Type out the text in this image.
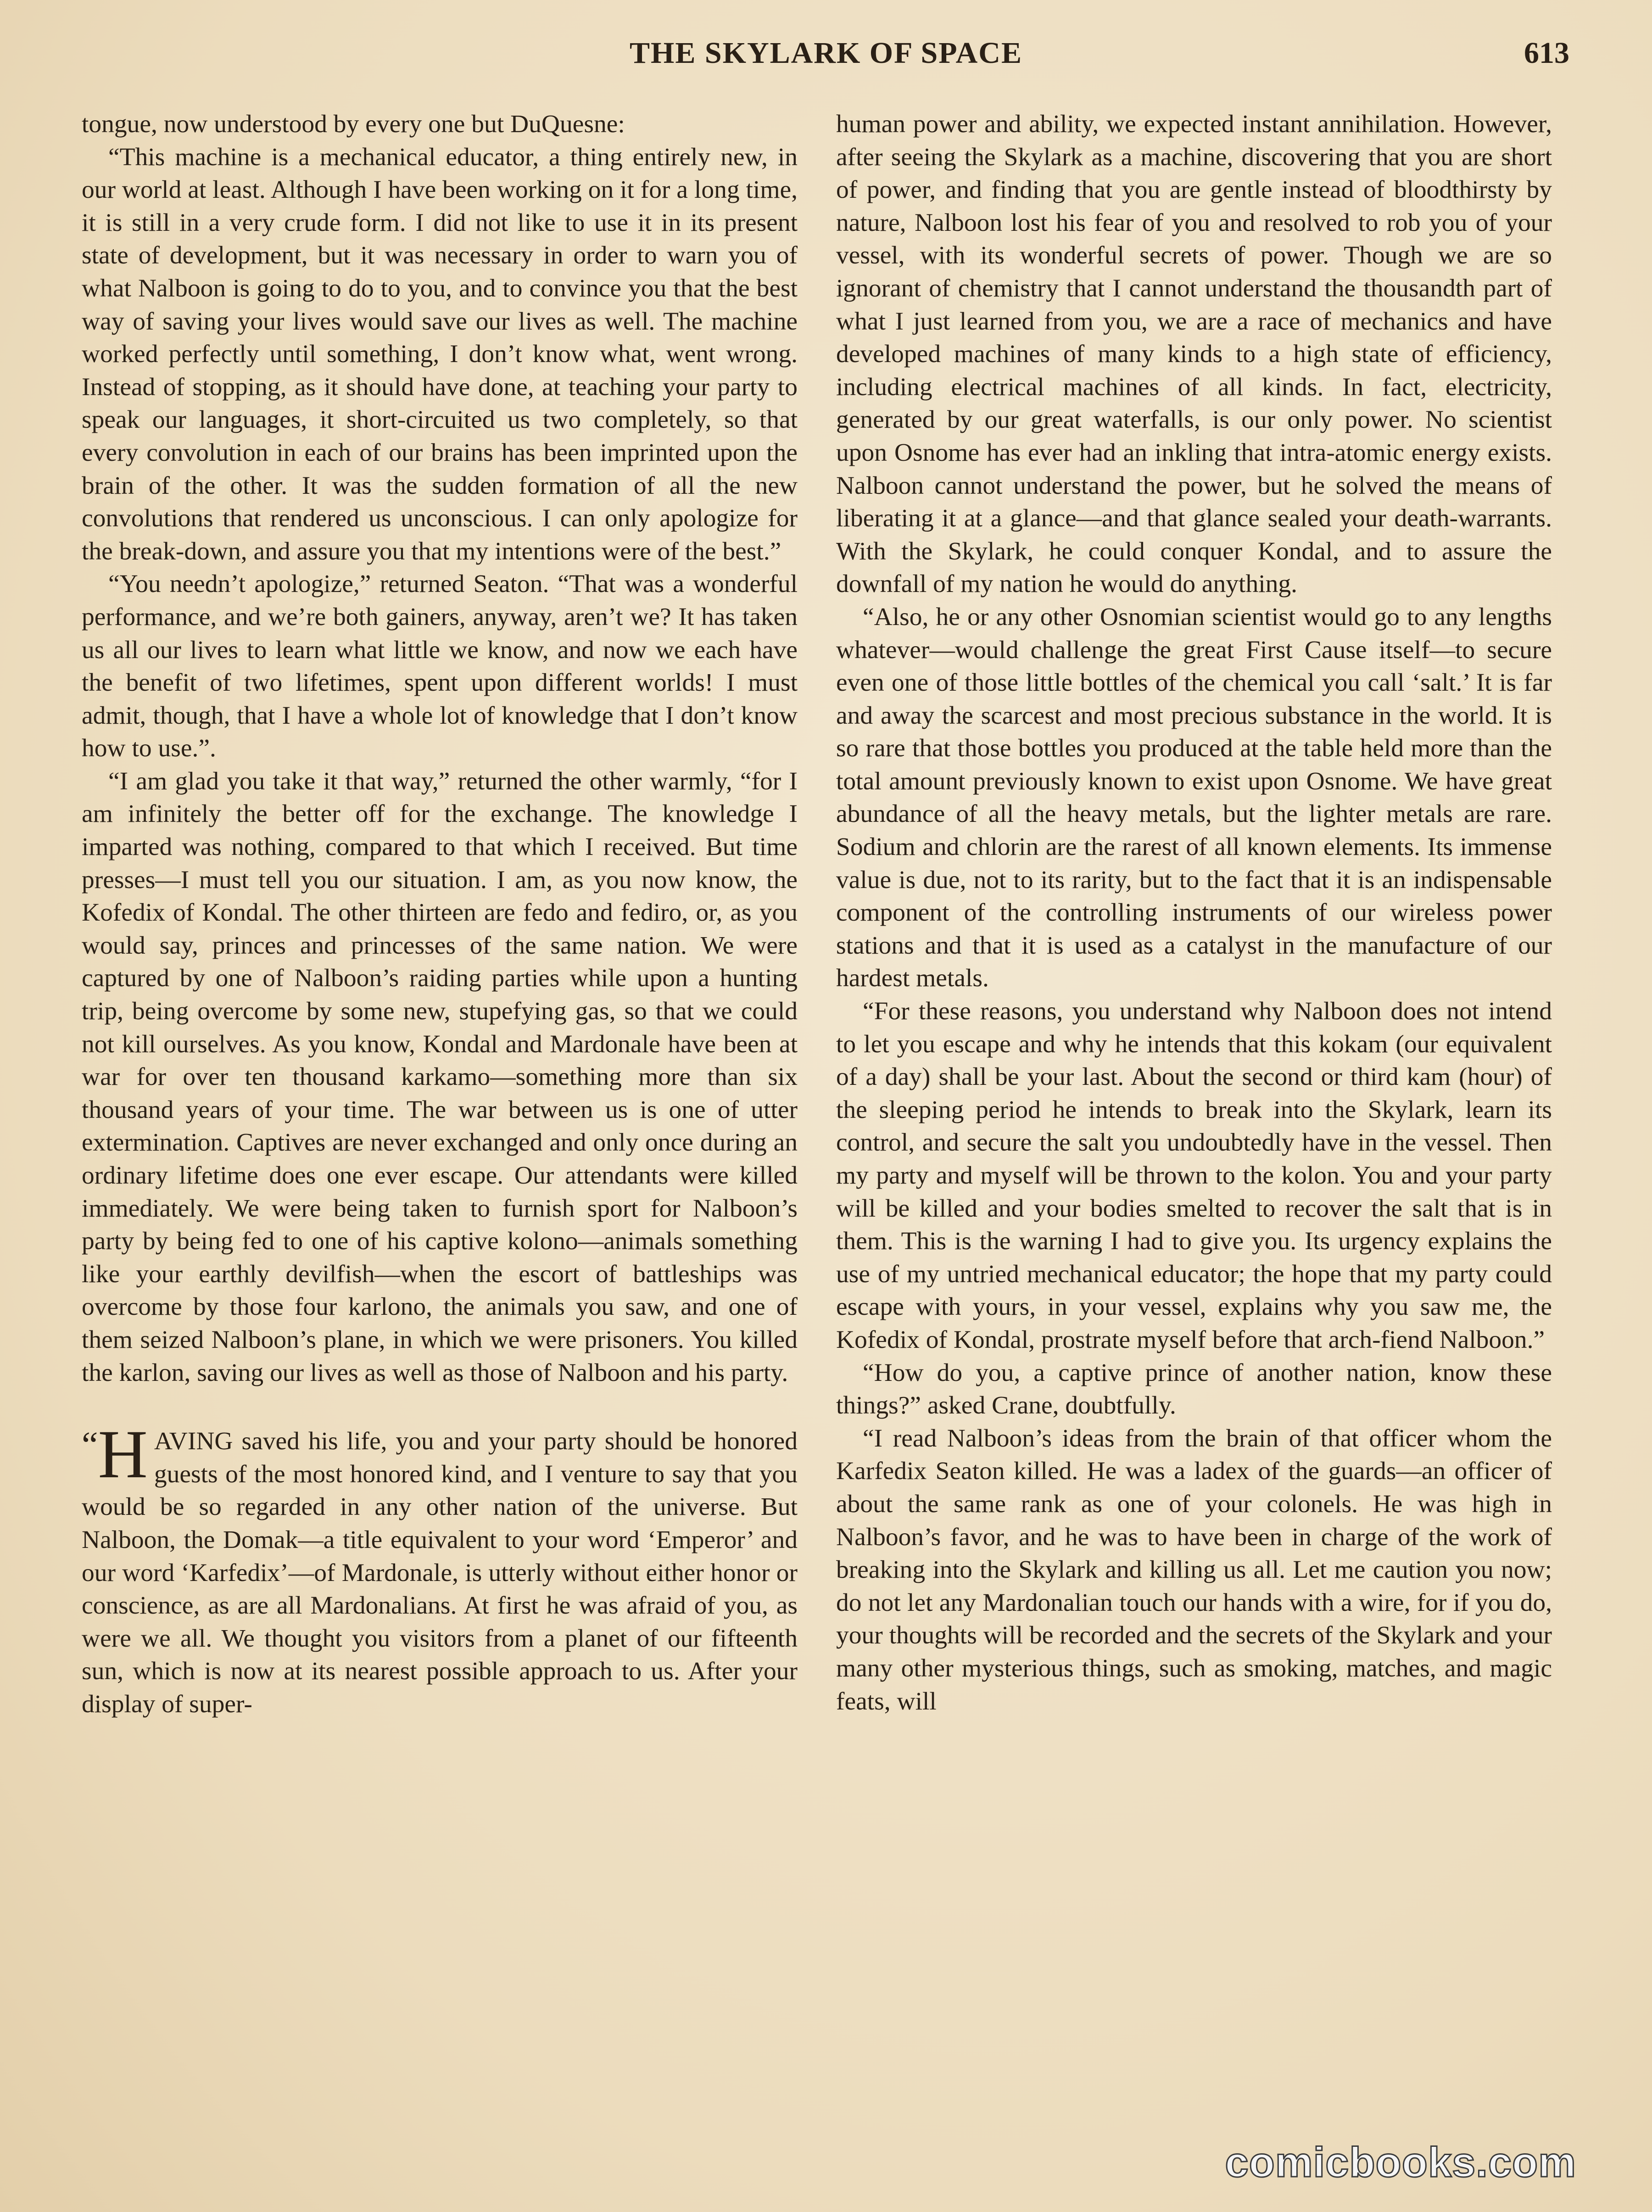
THE SKYLARK OF SPACE	613

tongue, now understood by every one but DuQuesne:

“This machine is a mechanical educator, a thing entirely new, in our world at least. Although I have been working on it for a long time, it is still in a very crude form. I did not like to use it in its present state of development, but it was necessary in order to warn you of what Nalboon is going to do to you, and to convince you that the best way of saving your lives would save our lives as well. The machine worked perfectly until something, I don’t know what, went wrong. Instead of stopping, as it should have done, at teaching your party to speak our languages, it short-circuited us two completely, so that every convolution in each of our brains has been imprinted upon the brain of the other. It was the sudden formation of all the new convolutions that rendered us unconscious. I can only apologize for the break-down, and assure you that my intentions were of the best.”

“You needn’t apologize,” returned Seaton. “That was a wonderful performance, and we’re both gainers, anyway, aren’t we? It has taken us all our lives to learn what little we know, and now we each have the benefit of two lifetimes, spent upon different worlds! I must admit, though, that I have a whole lot of knowledge that I don’t know how to use.”.

“I am glad you take it that way,” returned the other warmly, “for I am infinitely the better off for the exchange. The knowledge I imparted was nothing, compared to that which I received. But time presses—I must tell you our situation. I am, as you now know, the Kofedix of Kondal. The other thirteen are fedo and fediro, or, as you would say, princes and princesses of the same nation. We were captured by one of Nalboon’s raiding parties while upon a hunting trip, being overcome by some new, stupefying gas, so that we could not kill ourselves. As you know, Kondal and Mardonale have been at war for over ten thousand karkamo—something more than six thousand years of your time. The war between us is one of utter extermination. Captives are never exchanged and only once during an ordinary lifetime does one ever escape. Our attendants were killed immediately. We were being taken to furnish sport for Nalboon’s party by being fed to one of his captive kolono—animals something like your earthly devilfish—when the escort of battleships was overcome by those four karlono, the animals you saw, and one of them seized Nalboon’s plane, in which we were prisoners. You killed the karlon, saving our lives as well as those of Nalboon and his party.

“H AVING saved his life, you and your party should be honored guests of the most honored kind, and I venture to say that you would be so regarded in any other nation of the universe. But Nalboon, the Domak—a title equivalent to your word ‘Emperor’ and our word ‘Karfedix’—of Mardonale, is utterly without either honor or conscience, as are all Mardonalians. At first he was afraid of you, as were we all. We thought you visitors from a planet of our fifteenth sun, which is now at its nearest possible approach to us. After your display of super-

human power and ability, we expected instant annihilation. However, after seeing the Skylark as a machine, discovering that you are short of power, and finding that you are gentle instead of bloodthirsty by nature, Nalboon lost his fear of you and resolved to rob you of your vessel, with its wonderful secrets of power. Though we are so ignorant of chemistry that I cannot understand the thousandth part of what I just learned from you, we are a race of mechanics and have developed machines of many kinds to a high state of efficiency, including electrical machines of all kinds. In fact, electricity, generated by our great waterfalls, is our only power. No scientist upon Osnome has ever had an inkling that intra-atomic energy exists. Nalboon cannot understand the power, but he solved the means of liberating it at a glance—and that glance sealed your death-warrants. With the Skylark, he could conquer Kondal, and to assure the downfall of my nation he would do anything.

“Also, he or any other Osnomian scientist would go to any lengths whatever—would challenge the great First Cause itself—to secure even one of those little bottles of the chemical you call ‘salt.’ It is far and away the scarcest and most precious substance in the world. It is so rare that those bottles you produced at the table held more than the total amount previously known to exist upon Osnome. We have great abundance of all the heavy metals, but the lighter metals are rare. Sodium and chlorin are the rarest of all known elements. Its immense value is due, not to its rarity, but to the fact that it is an indispensable component of the controlling instruments of our wireless power stations and that it is used as a catalyst in the manufacture of our hardest metals.

“For these reasons, you understand why Nalboon does not intend to let you escape and why he intends that this kokam (our equivalent of a day) shall be your last. About the second or third kam (hour) of the sleeping period he intends to break into the Skylark, learn its control, and secure the salt you undoubtedly have in the vessel. Then my party and myself will be thrown to the kolon. You and your party will be killed and your bodies smelted to recover the salt that is in them. This is the warning I had to give you. Its urgency explains the use of my untried mechanical educator; the hope that my party could escape with yours, in your vessel, explains why you saw me, the Kofedix of Kondal, prostrate myself before that arch-fiend Nalboon.”

“How do you, a captive prince of another nation, know these things?” asked Crane, doubtfully.

“I read Nalboon’s ideas from the brain of that officer whom the Karfedix Seaton killed. He was a ladex of the guards—an officer of about the same rank as one of your colonels. He was high in Nalboon’s favor, and he was to have been in charge of the work of breaking into the Skylark and killing us all. Let me caution you now; do not let any Mardonalian touch our hands with a wire, for if you do, your thoughts will be recorded and the secrets of the Skylark and your many other mysterious things, such as smoking, matches, and magic feats, will

comicbooks.com
